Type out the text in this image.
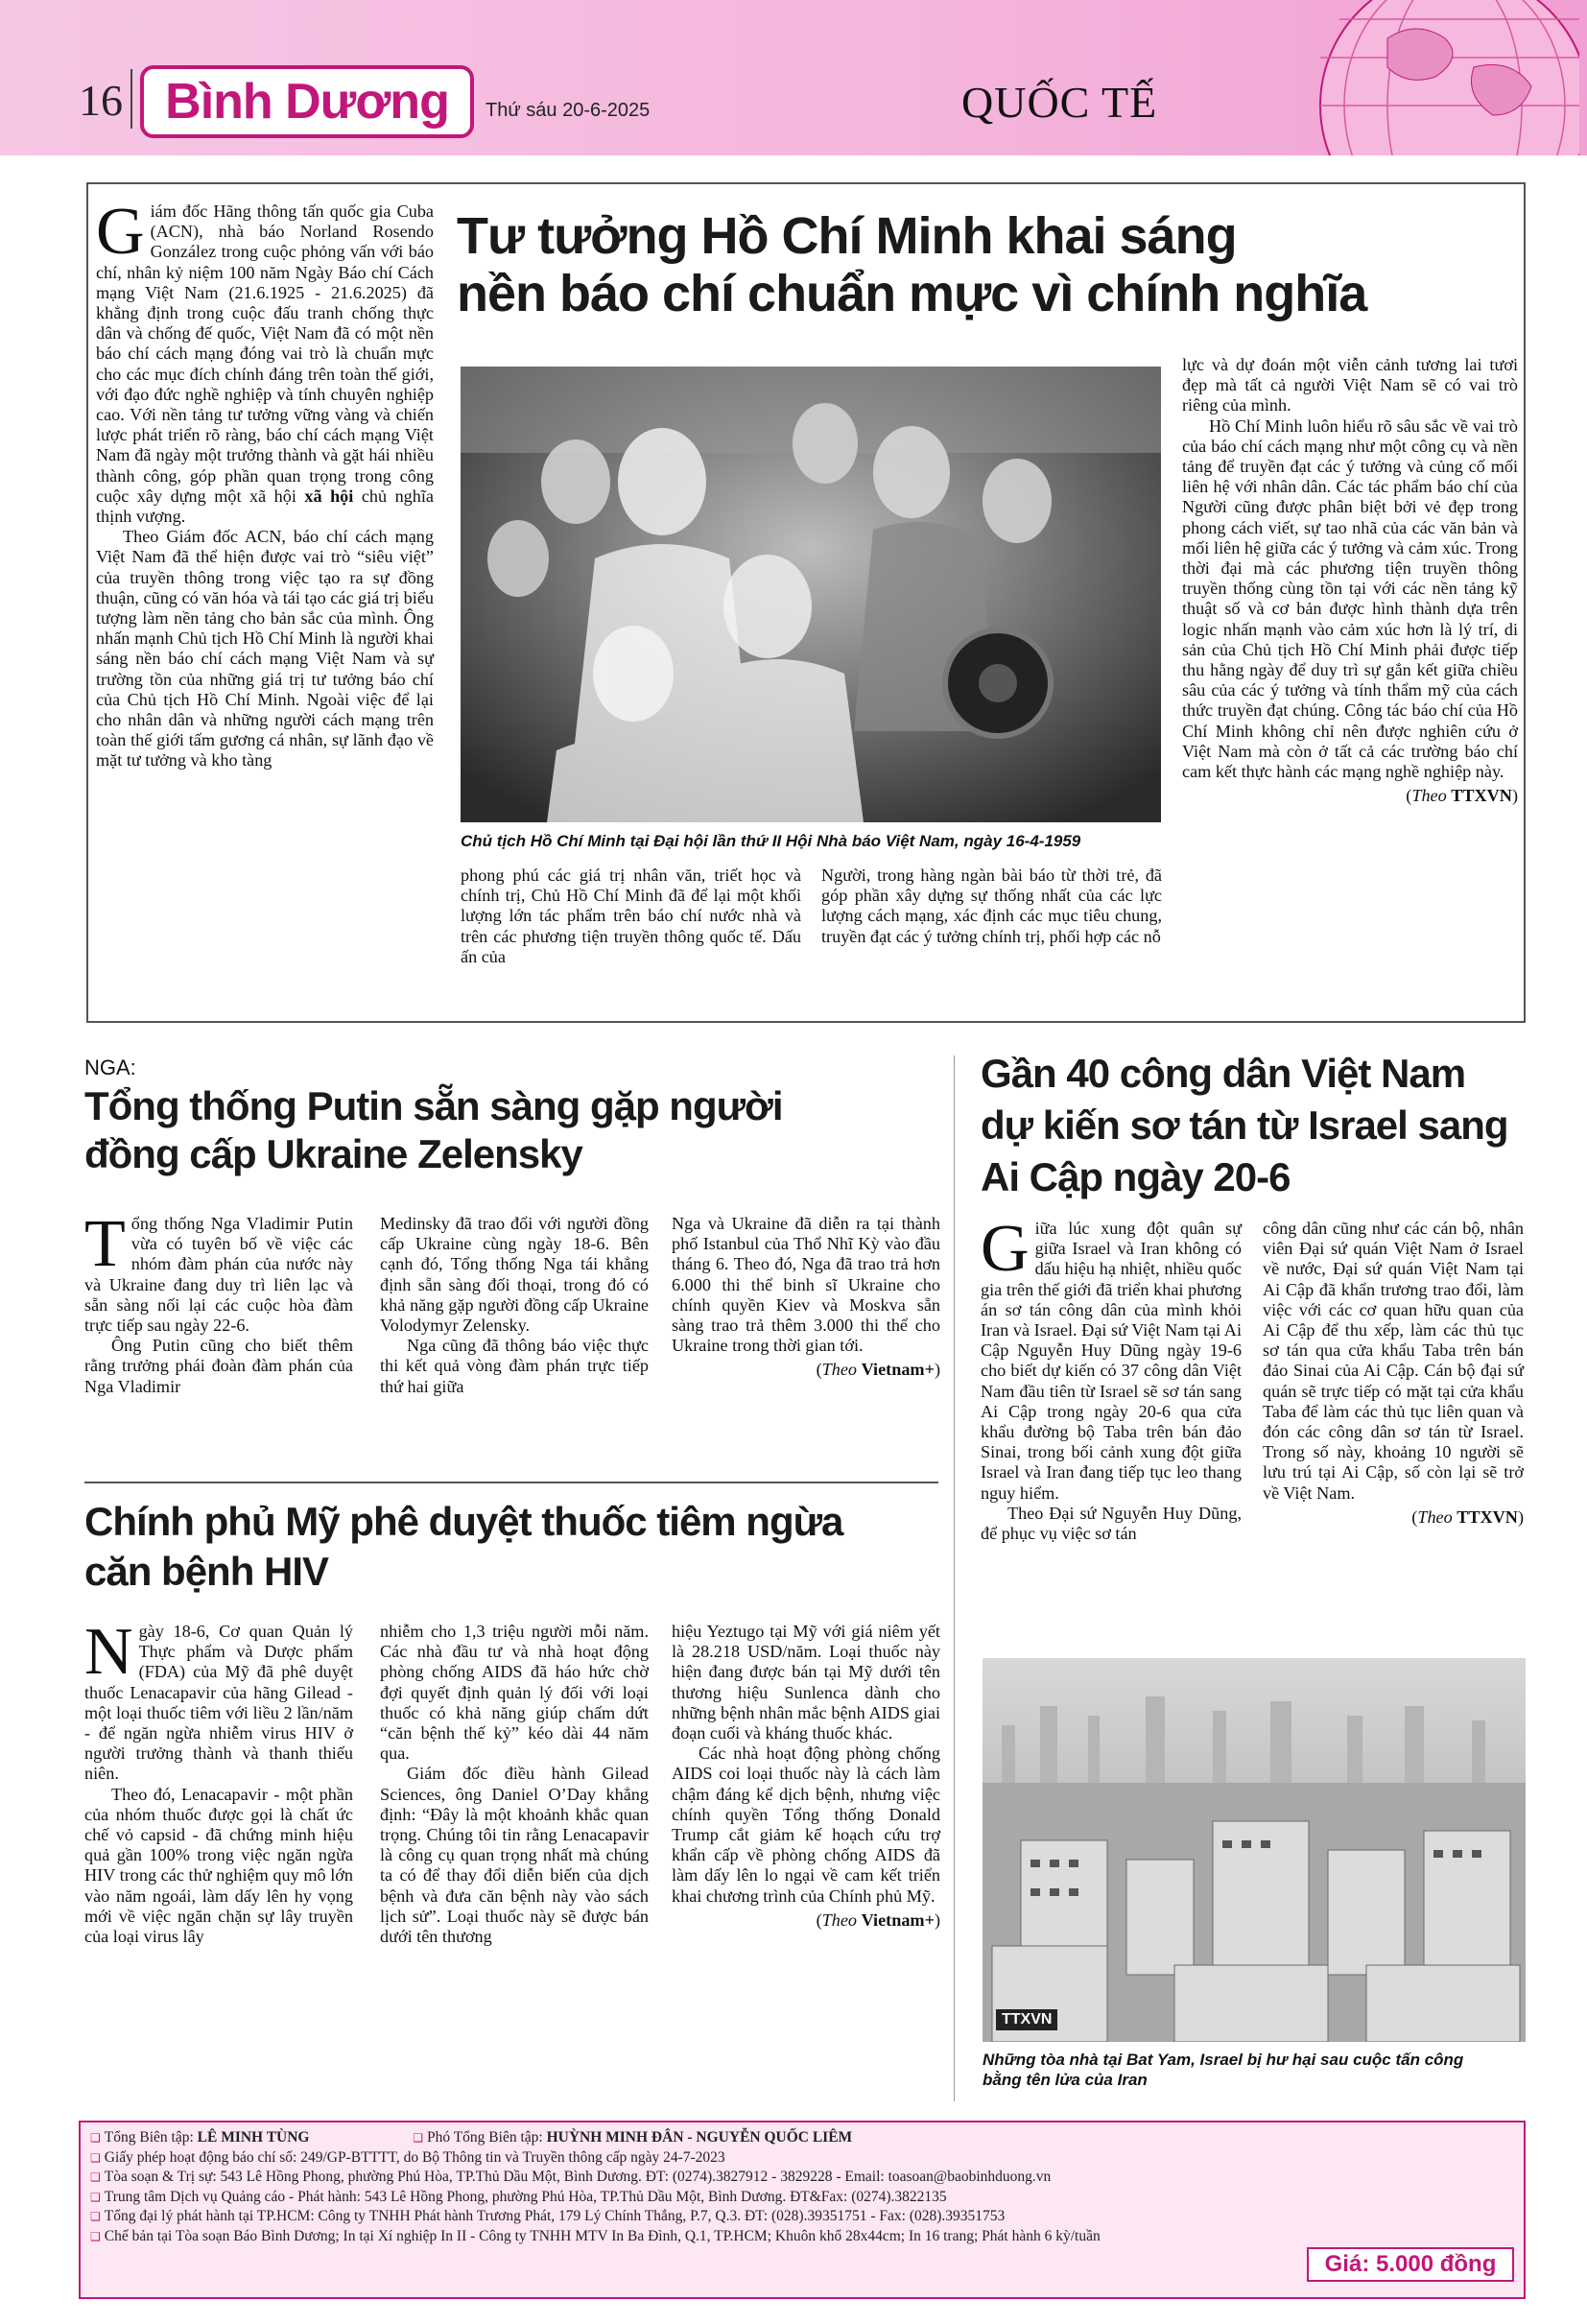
16 Bình Dương Thứ sáu 20-6-2025	QUỐC TẾ

Giám đốc Hãng thông tấn quốc gia Cuba (ACN), nhà báo Norland Rosendo González trong cuộc phỏng vấn với báo chí, nhân kỷ niệm 100 năm Ngày Báo chí Cách mạng Việt Nam (21.6.1925 - 21.6.2025) đã khẳng định trong cuộc đấu tranh chống thực dân và chống đế quốc, Việt Nam đã có một nền báo chí cách mạng đóng vai trò là chuẩn mực cho các mục đích chính đáng trên toàn thế giới, với đạo đức nghề nghiệp và tính chuyên nghiệp cao. Với nền tảng tư tưởng vững vàng và chiến lược phát triển rõ ràng, báo chí cách mạng Việt Nam đã ngày một trưởng thành và gặt hái nhiều thành công, góp phần quan trọng trong công cuộc xây dựng một xã hội xã hội chủ nghĩa thịnh vượng.

Theo Giám đốc ACN, báo chí cách mạng Việt Nam đã thể hiện được vai trò “siêu việt” của truyền thông trong việc tạo ra sự đồng thuận, cũng có văn hóa và tái tạo các giá trị biểu tượng làm nền tảng cho bản sắc của mình. Ông nhấn mạnh Chủ tịch Hồ Chí Minh là người khai sáng nền báo chí cách mạng Việt Nam và sự trường tồn của những giá trị tư tưởng báo chí của Chủ tịch Hồ Chí Minh. Ngoài việc để lại cho nhân dân và những người cách mạng trên toàn thế giới tấm gương cá nhân, sự lãnh đạo về mặt tư tưởng và kho tàng

Tư tưởng Hồ Chí Minh khai sáng
nền báo chí chuẩn mực vì chính nghĩa
Chủ tịch Hồ Chí Minh tại Đại hội lần thứ II Hội Nhà báo Việt Nam, ngày 16-4-1959

phong phú các giá trị nhân văn, triết học và chính trị, Chủ Hồ Chí Minh đã để lại một khối lượng lớn tác phẩm trên báo chí nước nhà và trên các phương tiện truyền thông quốc tế. Dấu ấn của

Người, trong hàng ngàn bài báo từ thời trẻ, đã góp phần xây dựng sự thống nhất của các lực lượng cách mạng, xác định các mục tiêu chung, truyền đạt các ý tưởng chính trị, phối hợp các nỗ

lực và dự đoán một viễn cảnh tương lai tươi đẹp mà tất cả người Việt Nam sẽ có vai trò riêng của mình.

Hồ Chí Minh luôn hiểu rõ sâu sắc về vai trò của báo chí cách mạng như một công cụ và nền tảng để truyền đạt các ý tưởng và củng cố mối liên hệ với nhân dân. Các tác phẩm báo chí của Người cũng được phân biệt bởi vẻ đẹp trong phong cách viết, sự tao nhã của các văn bản và mối liên hệ giữa các ý tưởng và cảm xúc. Trong thời đại mà các phương tiện truyền thông truyền thống cùng tồn tại với các nền tảng kỹ thuật số và cơ bản được hình thành dựa trên logic nhấn mạnh vào cảm xúc hơn là lý trí, di sản của Chủ tịch Hồ Chí Minh phải được tiếp thu hằng ngày để duy trì sự gắn kết giữa chiều sâu của các ý tưởng và tính thẩm mỹ của cách thức truyền đạt chúng. Công tác báo chí của Hồ Chí Minh không chỉ nên được nghiên cứu ở Việt Nam mà còn ở tất cả các trường báo chí cam kết thực hành các mạng nghề nghiệp này.

(Theo TTXVN)
NGA:
Tổng thống Putin sẵn sàng gặp người
đồng cấp Ukraine Zelensky

Tổng thống Nga Vladimir Putin vừa có tuyên bố về việc các nhóm đàm phán của nước này và Ukraine đang duy trì liên lạc và sẵn sàng nối lại các cuộc hòa đàm trực tiếp sau ngày 22-6.

Ông Putin cũng cho biết thêm rằng trưởng phái đoàn đàm phán của Nga Vladimir

Medinsky đã trao đổi với người đồng cấp Ukraine cùng ngày 18-6. Bên cạnh đó, Tổng thống Nga tái khẳng định sẵn sàng đối thoại, trong đó có khả năng gặp người đồng cấp Ukraine Volodymyr Zelensky.

Nga cũng đã thông báo việc thực thi kết quả vòng đàm phán trực tiếp thứ hai giữa

Nga và Ukraine đã diễn ra tại thành phố Istanbul của Thổ Nhĩ Kỳ vào đầu tháng 6. Theo đó, Nga đã trao trả hơn 6.000 thi thể binh sĩ Ukraine cho chính quyền Kiev và Moskva sẵn sàng trao trả thêm 3.000 thi thể cho Ukraine trong thời gian tới.

(Theo Vietnam+)
Chính phủ Mỹ phê duyệt thuốc tiêm ngừa
căn bệnh HIV

Ngày 18-6, Cơ quan Quản lý Thực phẩm và Dược phẩm (FDA) của Mỹ đã phê duyệt thuốc Lenacapavir của hãng Gilead - một loại thuốc tiêm với liều 2 lần/năm - để ngăn ngừa nhiễm virus HIV ở người trưởng thành và thanh thiếu niên.

Theo đó, Lenacapavir - một phần của nhóm thuốc được gọi là chất ức chế vỏ capsid - đã chứng minh hiệu quả gần 100% trong việc ngăn ngừa HIV trong các thử nghiệm quy mô lớn vào năm ngoái, làm dấy lên hy vọng mới về việc ngăn chặn sự lây truyền của loại virus lây

nhiễm cho 1,3 triệu người mỗi năm. Các nhà đầu tư và nhà hoạt động phòng chống AIDS đã háo hức chờ đợi quyết định quản lý đối với loại thuốc có khả năng giúp chấm dứt “căn bệnh thế kỷ” kéo dài 44 năm qua.

Giám đốc điều hành Gilead Sciences, ông Daniel O’Day khẳng định: “Đây là một khoảnh khắc quan trọng. Chúng tôi tin rằng Lenacapavir là công cụ quan trọng nhất mà chúng ta có để thay đổi diễn biến của dịch bệnh và đưa căn bệnh này vào sách lịch sử”. Loại thuốc này sẽ được bán dưới tên thương

hiệu Yeztugo tại Mỹ với giá niêm yết là 28.218 USD/năm. Loại thuốc này hiện đang được bán tại Mỹ dưới tên thương hiệu Sunlenca dành cho những bệnh nhân mắc bệnh AIDS giai đoạn cuối và kháng thuốc khác.

Các nhà hoạt động phòng chống AIDS coi loại thuốc này là cách làm chậm đáng kể dịch bệnh, nhưng việc chính quyền Tổng thống Donald Trump cắt giảm kế hoạch cứu trợ khẩn cấp về phòng chống AIDS đã làm dấy lên lo ngại về cam kết triển khai chương trình của Chính phủ Mỹ.

(Theo Vietnam+)
Gần 40 công dân Việt Nam
dự kiến sơ tán từ Israel sang
Ai Cập ngày 20-6

Giữa lúc xung đột quân sự giữa Israel và Iran không có dấu hiệu hạ nhiệt, nhiều quốc gia trên thế giới đã triển khai phương án sơ tán công dân của mình khỏi Iran và Israel. Đại sứ Việt Nam tại Ai Cập Nguyễn Huy Dũng ngày 19-6 cho biết dự kiến có 37 công dân Việt Nam đầu tiên từ Israel sẽ sơ tán sang Ai Cập trong ngày 20-6 qua cửa khẩu đường bộ Taba trên bán đảo Sinai, trong bối cảnh xung đột giữa Israel và Iran đang tiếp tục leo thang nguy hiểm.

Theo Đại sứ Nguyễn Huy Dũng, để phục vụ việc sơ tán

công dân cũng như các cán bộ, nhân viên Đại sứ quán Việt Nam ở Israel về nước, Đại sứ quán Việt Nam tại Ai Cập đã khẩn trương trao đổi, làm việc với các cơ quan hữu quan của Ai Cập để thu xếp, làm các thủ tục sơ tán qua cửa khẩu Taba trên bán đảo Sinai của Ai Cập. Cán bộ đại sứ quán sẽ trực tiếp có mặt tại cửa khẩu Taba để làm các thủ tục liên quan và đón các công dân sơ tán từ Israel. Trong số này, khoảng 10 người sẽ lưu trú tại Ai Cập, số còn lại sẽ trở về Việt Nam.

(Theo TTXVN)
TTXVN
Những tòa nhà tại Bat Yam, Israel bị hư hại sau cuộc tấn công
bằng tên lửa của Iran
❑ Tổng Biên tập: LÊ MINH TÙNG	❑ Phó Tổng Biên tập: HUỲNH MINH ĐÂN - NGUYỄN QUỐC LIÊM
❑ Giấy phép hoạt động báo chí số: 249/GP-BTTTT, do Bộ Thông tin và Truyền thông cấp ngày 24-7-2023
❑ Tòa soạn & Trị sự: 543 Lê Hồng Phong, phường Phú Hòa, TP.Thủ Dầu Một, Bình Dương. ĐT: (0274).3827912 - 3829228 - Email: toasoan@baobinhduong.vn
❑ Trung tâm Dịch vụ Quảng cáo - Phát hành: 543 Lê Hồng Phong, phường Phú Hòa, TP.Thủ Dầu Một, Bình Dương. ĐT&Fax: (0274).3822135
❑ Tổng đại lý phát hành tại TP.HCM: Công ty TNHH Phát hành Trương Phát, 179 Lý Chính Thắng, P.7, Q.3. ĐT: (028).39351751 - Fax: (028).39351753
❑ Chế bản tại Tòa soạn Báo Bình Dương; In tại Xí nghiệp In II - Công ty TNHH MTV In Ba Đình, Q.1, TP.HCM; Khuôn khổ 28x44cm; In 16 trang; Phát hành 6 kỳ/tuần
Giá: 5.000 đồng
